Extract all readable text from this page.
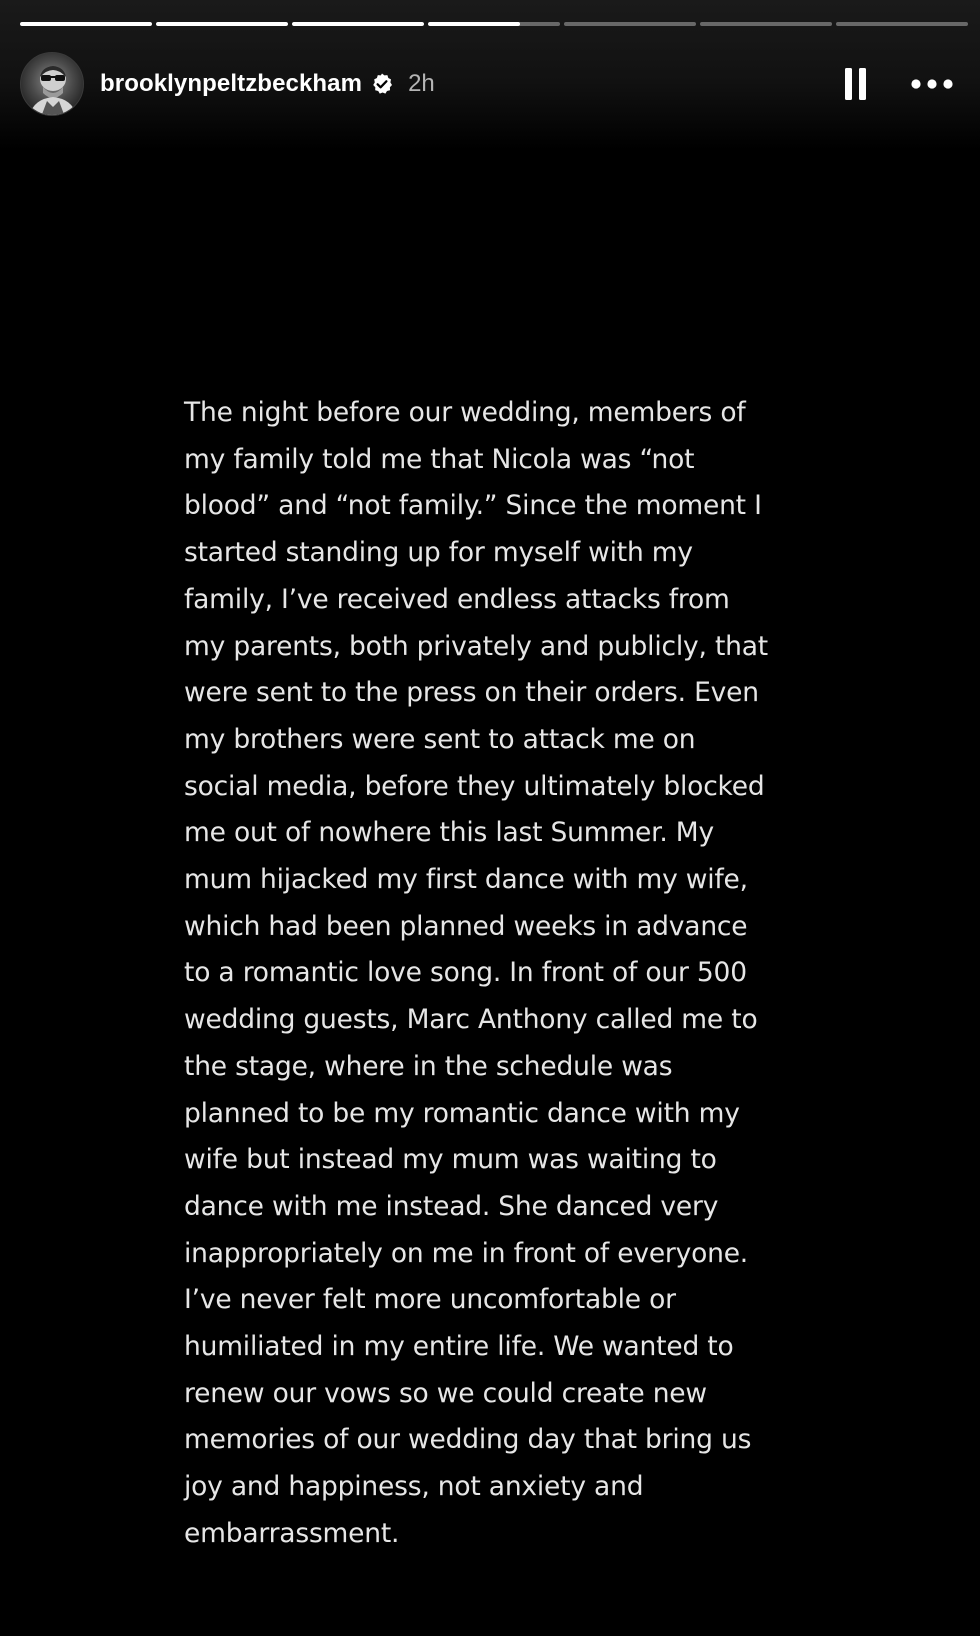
brooklynpeltzbeckham 2h
The night before our wedding, members of
my family told me that Nicola was “not
blood” and “not family.” Since the moment I
started standing up for myself with my
family, I’ve received endless attacks from
my parents, both privately and publicly, that
were sent to the press on their orders. Even
my brothers were sent to attack me on
social media, before they ultimately blocked
me out of nowhere this last Summer. My
mum hijacked my first dance with my wife,
which had been planned weeks in advance
to a romantic love song. In front of our 500
wedding guests, Marc Anthony called me to
the stage, where in the schedule was
planned to be my romantic dance with my
wife but instead my mum was waiting to
dance with me instead. She danced very
inappropriately on me in front of everyone.
I’ve never felt more uncomfortable or
humiliated in my entire life. We wanted to
renew our vows so we could create new
memories of our wedding day that bring us
joy and happiness, not anxiety and
embarrassment.
